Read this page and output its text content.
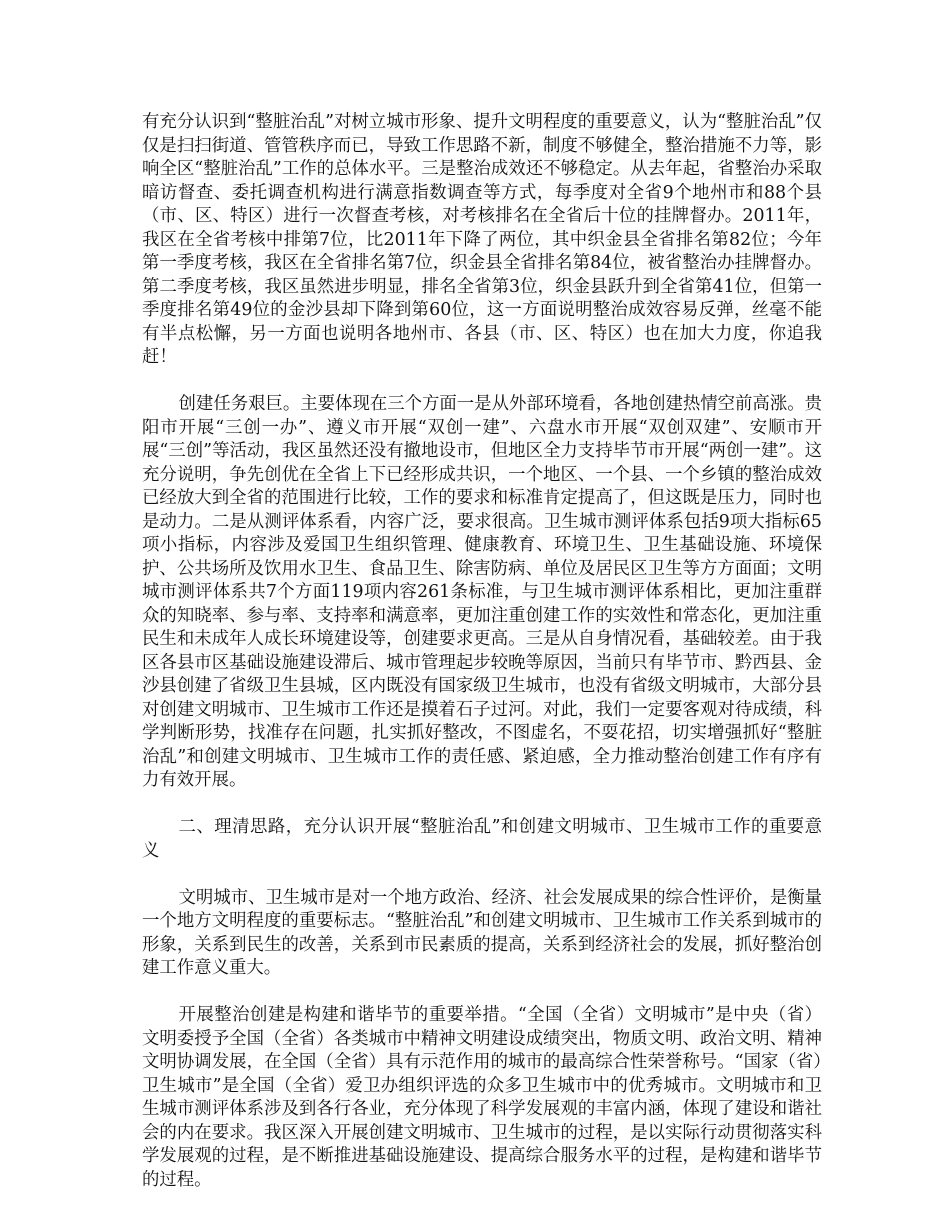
有充分认识到“整脏治乱”对树立城市形象、提升文明程度的重要意义，认为“整脏治乱”仅仅是扫扫街道、管管秩序而已，导致工作思路不新，制度不够健全，整治措施不力等，影响全区“整脏治乱”工作的总体水平。三是整治成效还不够稳定。从去年起，省整治办采取暗访督查、委托调查机构进行满意指数调查等方式，每季度对全省9个地州市和88个县（市、区、特区）进行一次督查考核，对考核排名在全省后十位的挂牌督办。2011年，我区在全省考核中排第7位，比2011年下降了两位，其中织金县全省排名第82位；今年第一季度考核，我区在全省排名第7位，织金县全省排名第84位，被省整治办挂牌督办。第二季度考核，我区虽然进步明显，排名全省第3位，织金县跃升到全省第41位，但第一季度排名第49位的金沙县却下降到第60位，这一方面说明整治成效容易反弹，丝毫不能有半点松懈，另一方面也说明各地州市、各县（市、区、特区）也在加大力度，你追我赶！

创建任务艰巨。主要体现在三个方面一是从外部环境看，各地创建热情空前高涨。贵阳市开展“三创一办”、遵义市开展“双创一建”、六盘水市开展“双创双建”、安顺市开展“三创”等活动，我区虽然还没有撤地设市，但地区全力支持毕节市开展“两创一建”。这充分说明，争先创优在全省上下已经形成共识，一个地区、一个县、一个乡镇的整治成效已经放大到全省的范围进行比较，工作的要求和标准肯定提高了，但这既是压力，同时也是动力。二是从测评体系看，内容广泛，要求很高。卫生城市测评体系包括9项大指标65项小指标，内容涉及爱国卫生组织管理、健康教育、环境卫生、卫生基础设施、环境保护、公共场所及饮用水卫生、食品卫生、除害防病、单位及居民区卫生等方方面面；文明城市测评体系共7个方面119项内容261条标准，与卫生城市测评体系相比，更加注重群众的知晓率、参与率、支持率和满意率，更加注重创建工作的实效性和常态化，更加注重民生和未成年人成长环境建设等，创建要求更高。三是从自身情况看，基础较差。由于我区各县市区基础设施建设滞后、城市管理起步较晚等原因，当前只有毕节市、黔西县、金沙县创建了省级卫生县城，区内既没有国家级卫生城市，也没有省级文明城市，大部分县对创建文明城市、卫生城市工作还是摸着石子过河。对此，我们一定要客观对待成绩，科学判断形势，找准存在问题，扎实抓好整改，不图虚名，不耍花招，切实增强抓好“整脏治乱”和创建文明城市、卫生城市工作的责任感、紧迫感，全力推动整治创建工作有序有力有效开展。

二、理清思路，充分认识开展“整脏治乱”和创建文明城市、卫生城市工作的重要意义

文明城市、卫生城市是对一个地方政治、经济、社会发展成果的综合性评价，是衡量一个地方文明程度的重要标志。“整脏治乱”和创建文明城市、卫生城市工作关系到城市的形象，关系到民生的改善，关系到市民素质的提高，关系到经济社会的发展，抓好整治创建工作意义重大。

开展整治创建是构建和谐毕节的重要举措。“全国（全省）文明城市”是中央（省）文明委授予全国（全省）各类城市中精神文明建设成绩突出，物质文明、政治文明、精神文明协调发展，在全国（全省）具有示范作用的城市的最高综合性荣誉称号。“国家（省）卫生城市”是全国（全省）爱卫办组织评选的众多卫生城市中的优秀城市。文明城市和卫生城市测评体系涉及到各行各业，充分体现了科学发展观的丰富内涵，体现了建设和谐社会的内在要求。我区深入开展创建文明城市、卫生城市的过程，是以实际行动贯彻落实科学发展观的过程，是不断推进基础设施建设、提高综合服务水平的过程，是构建和谐毕节的过程。
